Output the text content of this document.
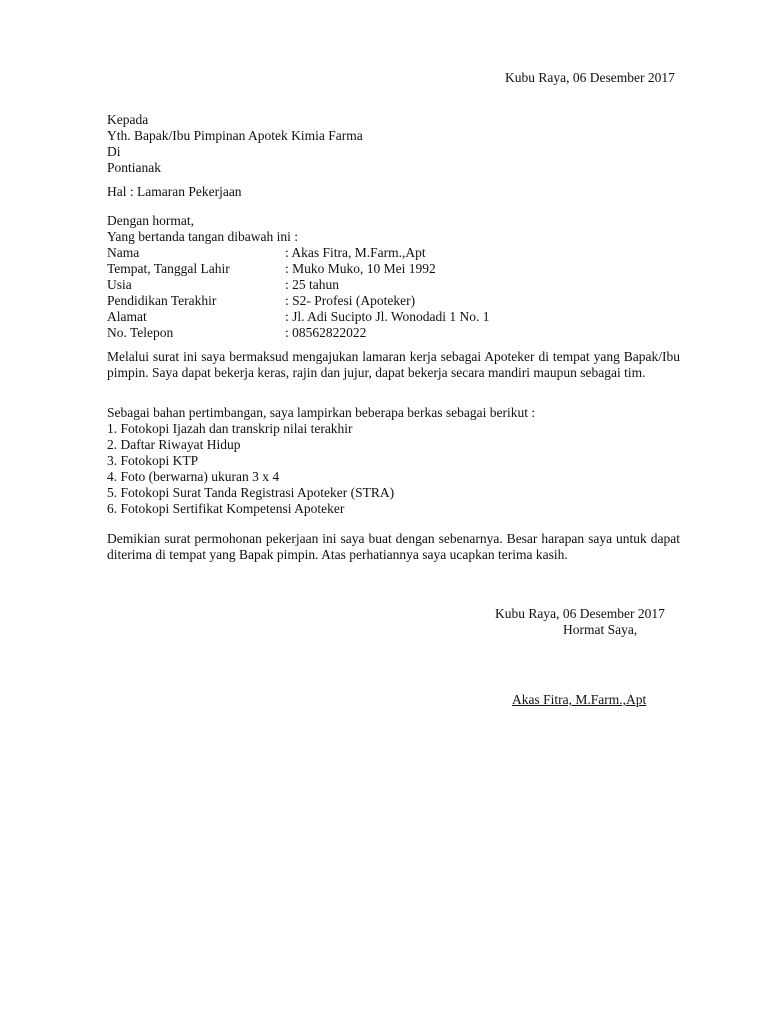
Kubu Raya, 06 Desember 2017
Kepada
Yth. Bapak/Ibu Pimpinan Apotek Kimia Farma
Di
Pontianak
Hal : Lamaran Pekerjaan
Dengan hormat,
Yang bertanda tangan dibawah ini :
Nama	: Akas Fitra, M.Farm.,Apt
Tempat, Tanggal Lahir	: Muko Muko, 10 Mei 1992
Usia	: 25 tahun
Pendidikan Terakhir	: S2- Profesi (Apoteker)
Alamat	: Jl. Adi Sucipto Jl. Wonodadi 1 No. 1
No. Telepon	: 08562822022
Melalui surat ini saya bermaksud mengajukan lamaran kerja sebagai Apoteker di tempat yang Bapak/Ibu pimpin. Saya dapat bekerja keras, rajin dan jujur, dapat bekerja secara mandiri maupun sebagai tim.
Sebagai bahan pertimbangan, saya lampirkan beberapa berkas sebagai berikut :
1. Fotokopi Ijazah dan transkrip nilai terakhir
2. Daftar Riwayat Hidup
3. Fotokopi KTP
4. Foto (berwarna) ukuran 3 x 4
5. Fotokopi Surat Tanda Registrasi Apoteker (STRA)
6. Fotokopi Sertifikat Kompetensi Apoteker
Demikian surat permohonan pekerjaan ini saya buat dengan sebenarnya. Besar harapan saya untuk dapat diterima di tempat yang Bapak pimpin. Atas perhatiannya saya ucapkan terima kasih.
Kubu Raya, 06 Desember 2017
Hormat Saya,
Akas Fitra, M.Farm.,Apt
